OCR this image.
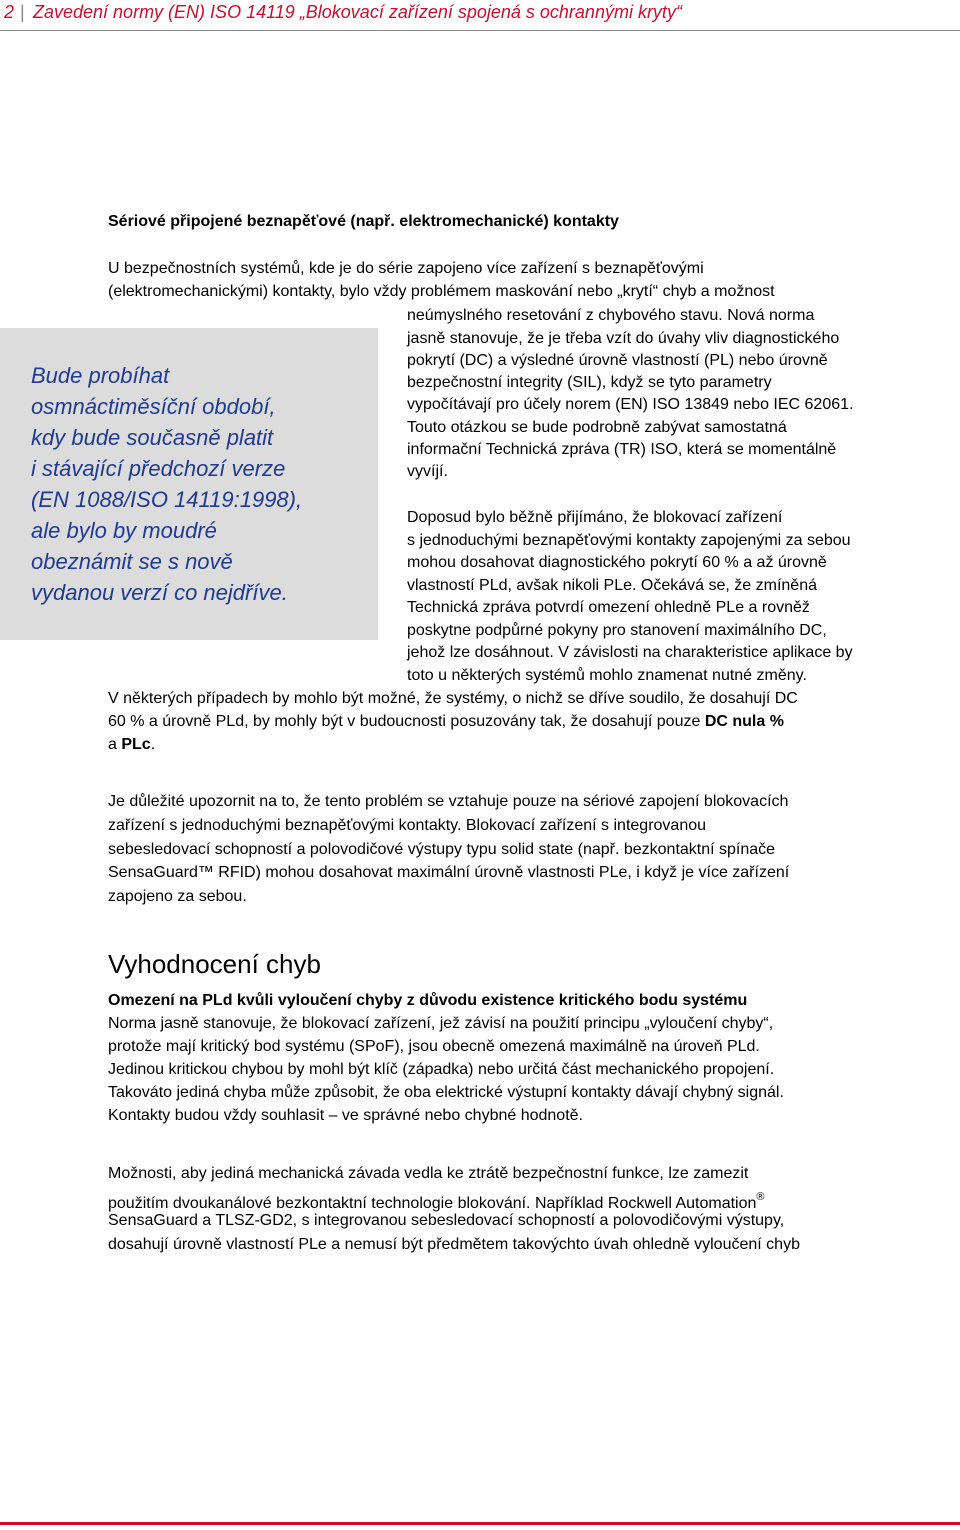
2 | Zavedení normy (EN) ISO 14119 „Blokovací zařízení spojená s ochrannými kryty“
Sériové připojené beznapěťové (např. elektromechanické) kontakty
U bezpečnostních systémů, kde je do série zapojeno více zařízení s beznapěťovými
(elektromechanickými) kontakty, bylo vždy problémem maskování nebo „krytí“ chyb a možnost
Bude probíhat
osmnáctiměsíční období,
kdy bude současně platit
i stávající předchozí verze
(EN 1088/ISO 14119:1998),
ale bylo by moudré
obeznámit se s nově
vydanou verzí co nejdříve.
neúmyslného resetování z chybového stavu. Nová norma
jasně stanovuje, že je třeba vzít do úvahy vliv diagnostického
pokrytí (DC) a výsledné úrovně vlastností (PL) nebo úrovně
bezpečnostní integrity (SIL), když se tyto parametry
vypočítávají pro účely norem (EN) ISO 13849 nebo IEC 62061.
Touto otázkou se bude podrobně zabývat samostatná
informační Technická zpráva (TR) ISO, která se momentálně
vyvíjí.
Doposud bylo běžně přijímáno, že blokovací zařízení
s jednoduchými beznapěťovými kontakty zapojenými za sebou
mohou dosahovat diagnostického pokrytí 60 % a až úrovně
vlastností PLd, avšak nikoli PLe. Očekává se, že zmíněná
Technická zpráva potvrdí omezení ohledně PLe a rovněž
poskytne podpůrné pokyny pro stanovení maximálního DC,
jehož lze dosáhnout. V závislosti na charakteristice aplikace by
toto u některých systémů mohlo znamenat nutné změny.
V některých případech by mohlo být možné, že systémy, o nichž se dříve soudilo, že dosahují DC
60 % a úrovně PLd, by mohly být v budoucnosti posuzovány tak, že dosahují pouze DC nula %
a PLc.
Je důležité upozornit na to, že tento problém se vztahuje pouze na sériové zapojení blokovacích
zařízení s jednoduchými beznapěťovými kontakty. Blokovací zařízení s integrovanou
sebesledovací schopností a polovodičové výstupy typu solid state (např. bezkontaktní spínače
SensaGuard™ RFID) mohou dosahovat maximální úrovně vlastnosti PLe, i když je více zařízení
zapojeno za sebou.
Vyhodnocení chyb
Omezení na PLd kvůli vyloučení chyby z důvodu existence kritického bodu systému
Norma jasně stanovuje, že blokovací zařízení, jež závisí na použití principu „vyloučení chyby“,
protože mají kritický bod systému (SPoF), jsou obecně omezená maximálně na úroveň PLd.
Jedinou kritickou chybou by mohl být klíč (západka) nebo určitá část mechanického propojení.
Takováto jediná chyba může způsobit, že oba elektrické výstupní kontakty dávají chybný signál.
Kontakty budou vždy souhlasit – ve správné nebo chybné hodnotě.
Možnosti, aby jediná mechanická závada vedla ke ztrátě bezpečnostní funkce, lze zamezit
použitím dvoukanálové bezkontaktní technologie blokování. Například Rockwell Automation®
SensaGuard a TLSZ-GD2, s integrovanou sebesledovací schopností a polovodičovými výstupy,
dosahují úrovně vlastností PLe a nemusí být předmětem takovýchto úvah ohledně vyloučení chyb
